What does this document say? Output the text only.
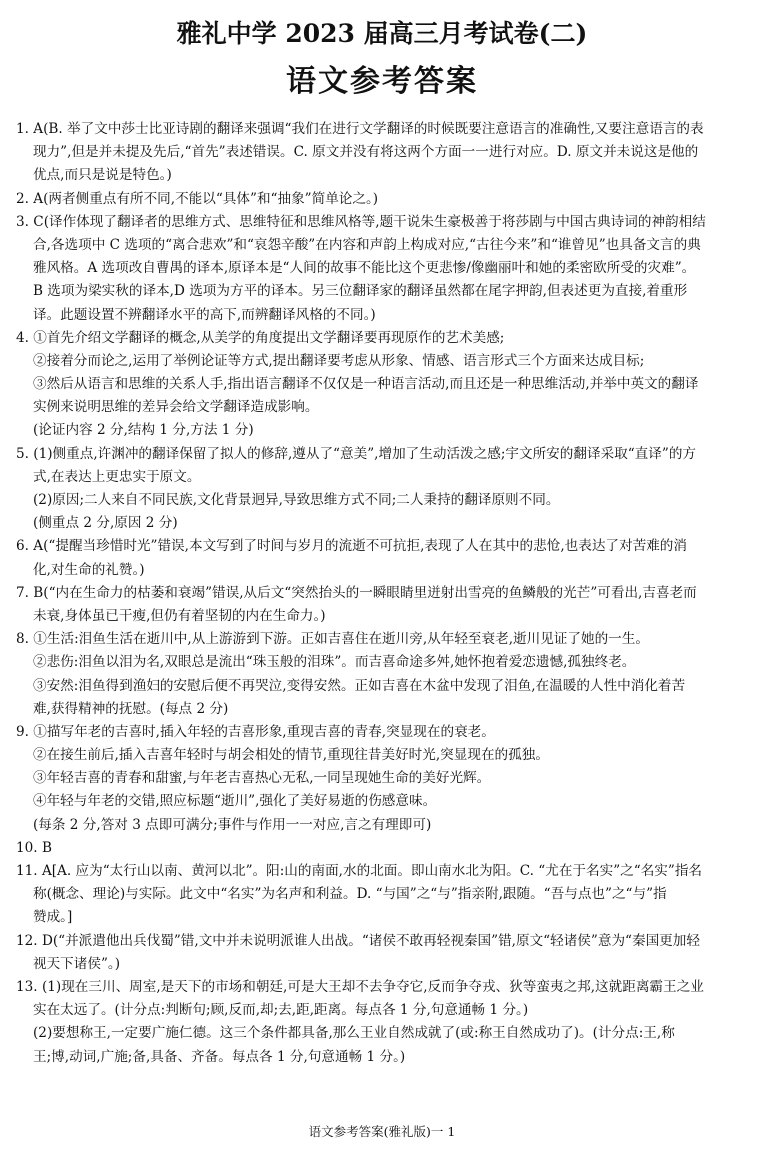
雅礼中学 2023 届高三月考试卷(二)
语文参考答案
1. A(B. 举了文中莎士比亚诗剧的翻译来强调“我们在进行文学翻译的时候既要注意语言的准确性,又要注意语言的表
现力”,但是并未提及先后,“首先”表述错误。C. 原文并没有将这两个方面一一进行对应。D. 原文并未说这是他的
优点,而只是说是特色。)
2. A(两者侧重点有所不同,不能以“具体”和“抽象”简单论之。)
3. C(译作体现了翻译者的思维方式、思维特征和思维风格等,题干说朱生豪极善于将莎剧与中国古典诗词的神韵相结
合,各选项中 C 选项的“离合悲欢”和“哀怨辛酸”在内容和声韵上构成对应,“古往今来”和“谁曾见”也具备文言的典
雅风格。A 选项改自曹禺的译本,原译本是“人间的故事不能比这个更悲惨/像幽丽叶和她的柔密欧所受的灾难”。
B 选项为梁实秋的译本,D 选项为方平的译本。另三位翻译家的翻译虽然都在尾字押韵,但表述更为直接,着重形
译。此题设置不辨翻译水平的高下,而辨翻译风格的不同。)
4. ①首先介绍文学翻译的概念,从美学的角度提出文学翻译要再现原作的艺术美感;
②接着分而论之,运用了举例论证等方式,提出翻译要考虑从形象、情感、语言形式三个方面来达成目标;
③然后从语言和思维的关系人手,指出语言翻译不仅仅是一种语言活动,而且还是一种思维活动,并举中英文的翻译
实例来说明思维的差异会给文学翻译造成影响。
(论证内容 2 分,结构 1 分,方法 1 分)
5. (1)侧重点,许渊冲的翻译保留了拟人的修辞,遵从了“意美”,增加了生动活泼之感;宇文所安的翻译采取“直译”的方
式,在表达上更忠实于原文。
(2)原因;二人来自不同民族,文化背景迥异,导致思维方式不同;二人秉持的翻译原则不同。
(侧重点 2 分,原因 2 分)
6. A(“提醒当珍惜时光”错误,本文写到了时间与岁月的流逝不可抗拒,表现了人在其中的悲怆,也表达了对苦难的消
化,对生命的礼赞。)
7. B(“内在生命力的枯萎和衰竭”错误,从后文“突然抬头的一瞬眼睛里迸射出雪亮的鱼鳞般的光芒”可看出,吉喜老而
未衰,身体虽已干瘦,但仍有着坚韧的内在生命力。)
8. ①生活:泪鱼生活在逝川中,从上游游到下游。正如吉喜住在逝川旁,从年轻至衰老,逝川见证了她的一生。
②悲伤:泪鱼以泪为名,双眼总是流出“珠玉般的泪珠”。而吉喜命途多舛,她怀抱着爱恋遗憾,孤独终老。
③安然:泪鱼得到渔妇的安慰后便不再哭泣,变得安然。正如吉喜在木盆中发现了泪鱼,在温暖的人性中消化着苦
难,获得精神的抚慰。(每点 2 分)
9. ①描写年老的吉喜时,插入年轻的吉喜形象,重现吉喜的青春,突显现在的衰老。
②在接生前后,插入吉喜年轻时与胡会相处的情节,重现往昔美好时光,突显现在的孤独。
③年轻吉喜的青春和甜蜜,与年老吉喜热心无私,一同呈现她生命的美好光辉。
④年轻与年老的交错,照应标题“逝川”,强化了美好易逝的伤感意味。
(每条 2 分,答对 3 点即可满分;事件与作用一一对应,言之有理即可)
10. B
11. A[A. 应为“太行山以南、黄河以北”。阳:山的南面,水的北面。即山南水北为阳。C. “尤在于名实”之“名实”指名
称(概念、理论)与实际。此文中“名实”为名声和利益。D. “与国”之“与”指亲附,跟随。“吾与点也”之“与”指
赞成。]
12. D(“并派遣他出兵伐蜀”错,文中并未说明派谁人出战。“诸侯不敢再轻视秦国”错,原文“轻诸侯”意为“秦国更加轻
视天下诸侯”。)
13. (1)现在三川、周室,是天下的市场和朝廷,可是大王却不去争夺它,反而争夺戎、狄等蛮夷之邦,这就距离霸王之业
实在太远了。(计分点:判断句;顾,反而,却;去,距,距离。每点各 1 分,句意通畅 1 分。)
(2)要想称王,一定要广施仁德。这三个条件都具备,那么王业自然成就了(或:称王自然成功了)。(计分点:王,称
王;博,动词,广施;备,具备、齐备。每点各 1 分,句意通畅 1 分。)
语文参考答案(雅礼版)一 1
